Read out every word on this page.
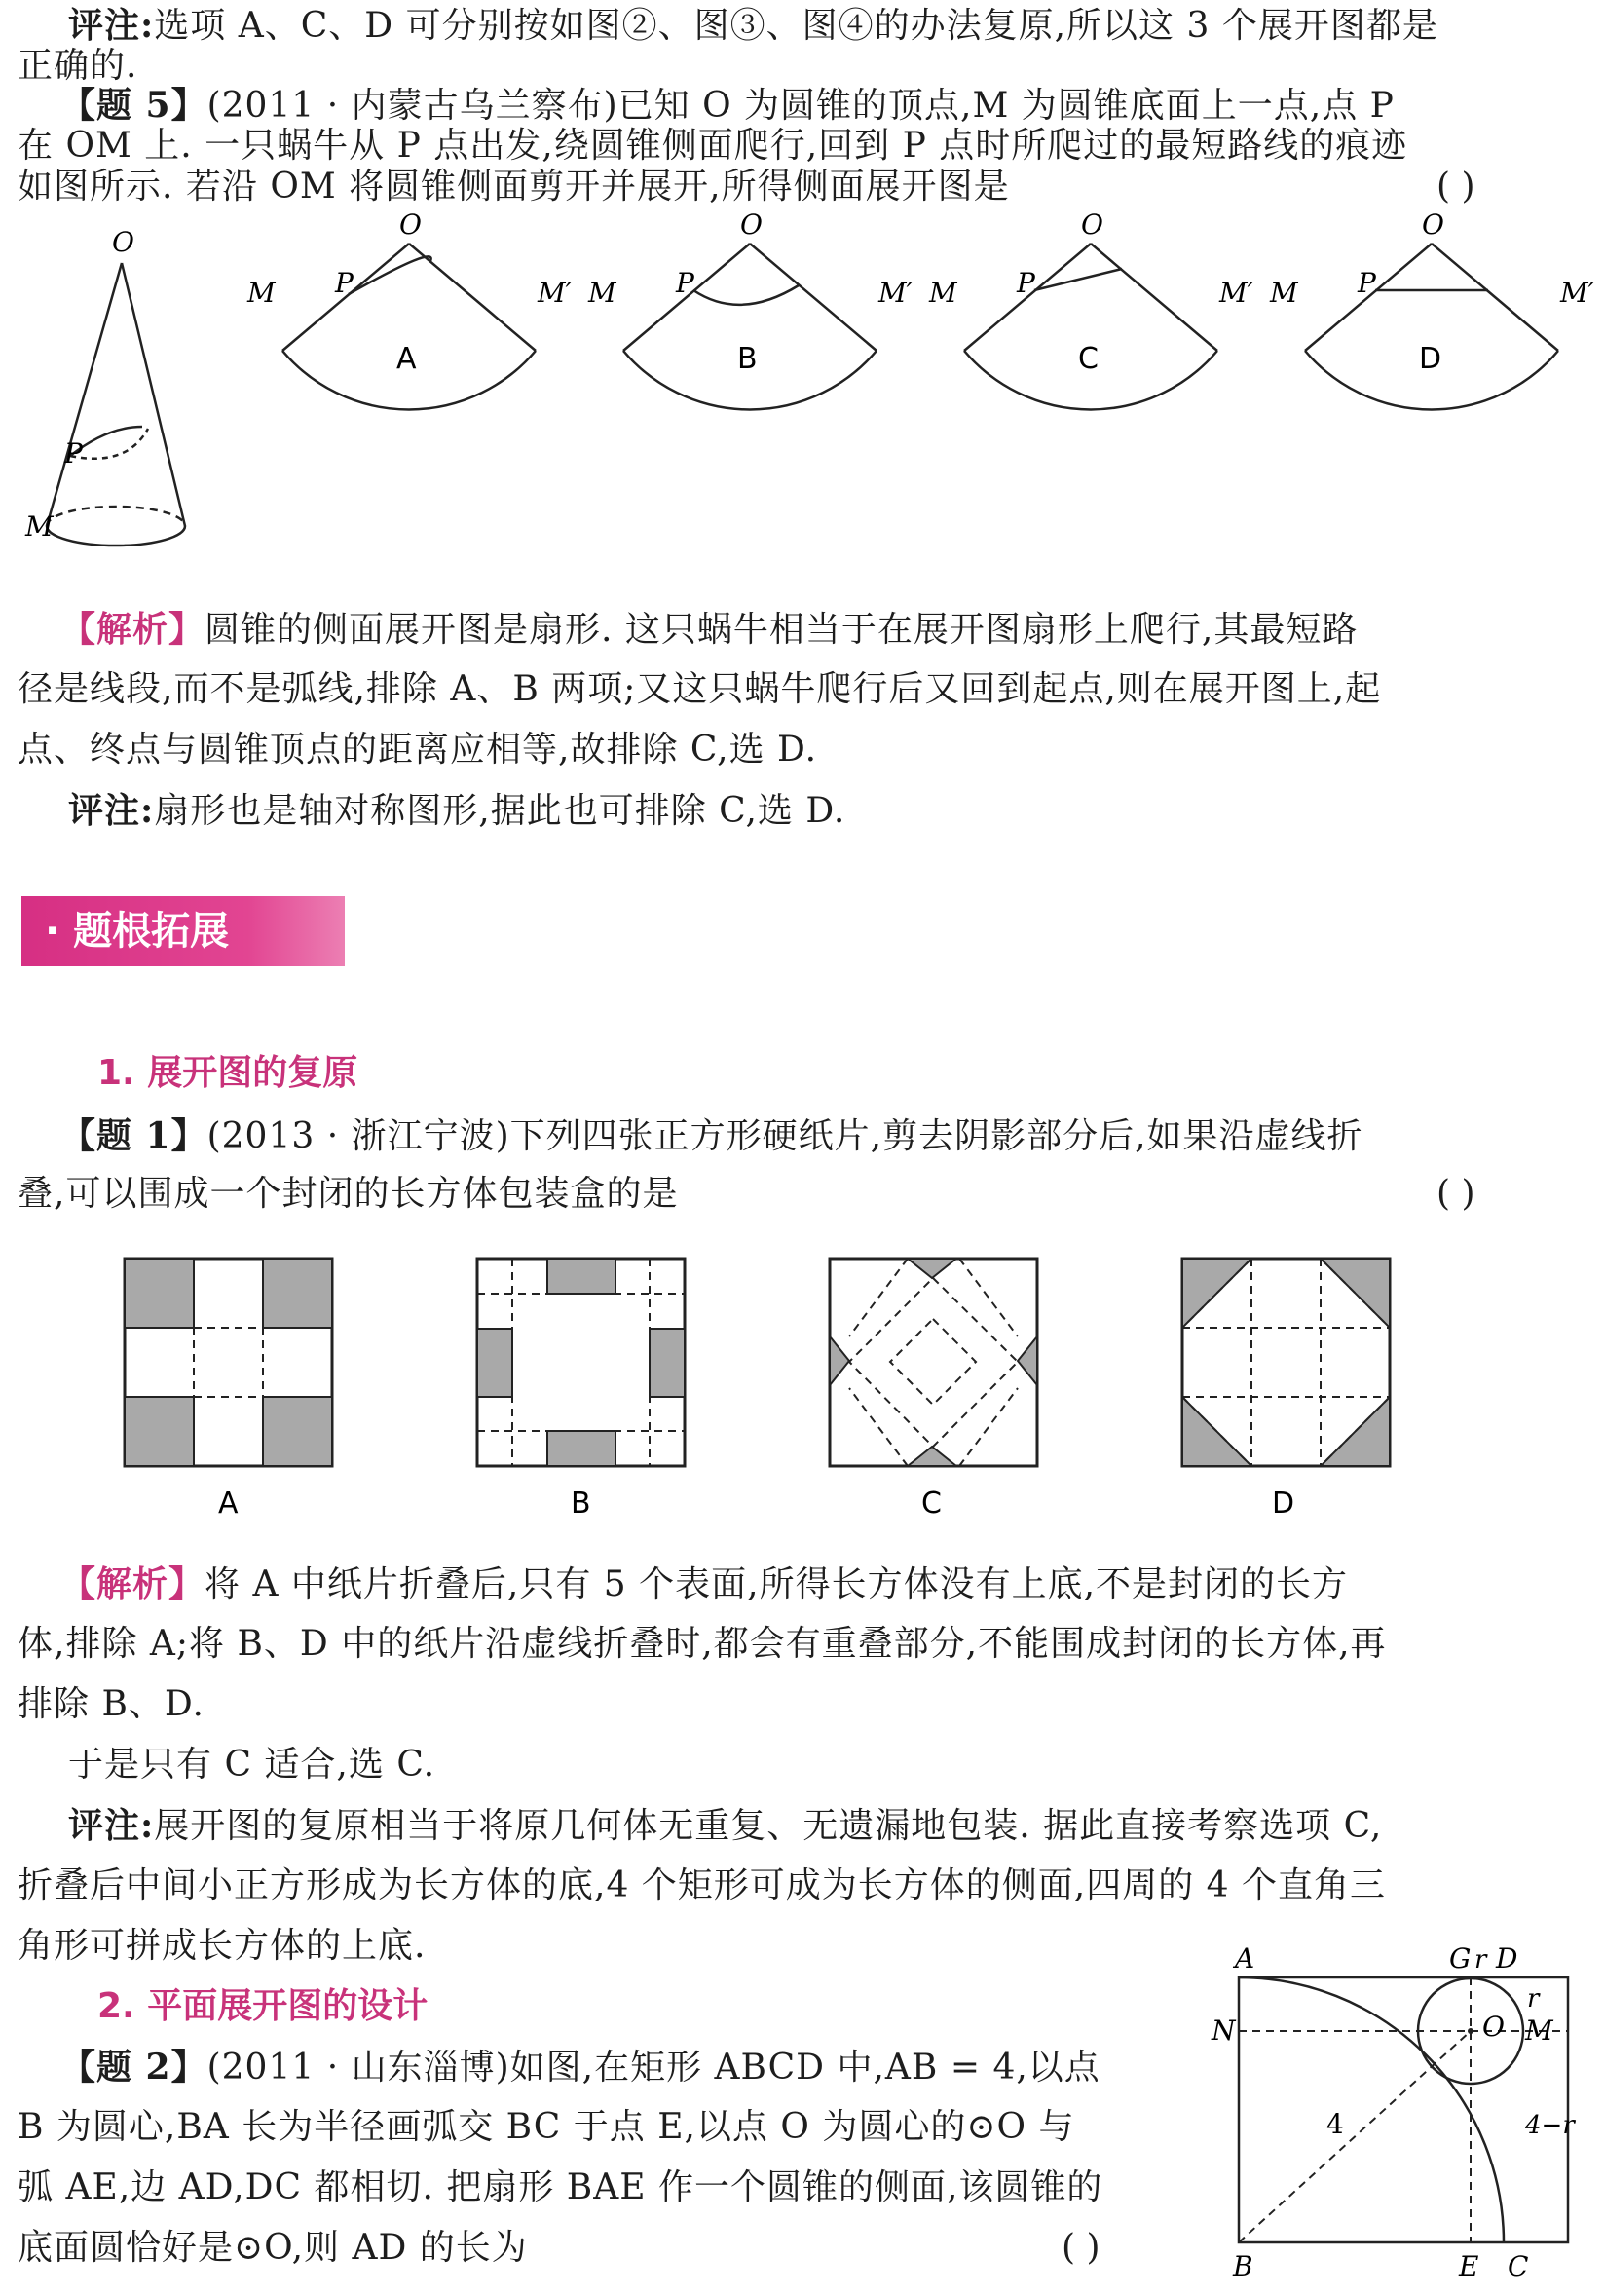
评注:选项 A、C、D 可分别按如图②、图③、图④的办法复原,所以这 3 个展开图都是
正确的.
【题 5】(2011 · 内蒙古乌兰察布)已知 O 为圆锥的顶点,M 为圆锥底面上一点,点 P
在 OM 上. 一只蜗牛从 P 点出发,绕圆锥侧面爬行,回到 P 点时所爬过的最短路线的痕迹
如图所示. 若沿 OM 将圆锥侧面剪开并展开,所得侧面展开图是	( )
O
P
M
O
P
M	M′
A
O
P
M	M′
B
O
P
M	M′
C
O
P
M	M′
D
【解析】圆锥的侧面展开图是扇形. 这只蜗牛相当于在展开图扇形上爬行,其最短路
径是线段,而不是弧线,排除 A、B 两项;又这只蜗牛爬行后又回到起点,则在展开图上,起
点、终点与圆锥顶点的距离应相等,故排除 C,选 D.
评注:扇形也是轴对称图形,据此也可排除 C,选 D.
· 题根拓展
1. 展开图的复原
【题 1】(2013 · 浙江宁波)下列四张正方形硬纸片,剪去阴影部分后,如果沿虚线折
叠,可以围成一个封闭的长方体包装盒的是	( )
A	B	C	D
【解析】将 A 中纸片折叠后,只有 5 个表面,所得长方体没有上底,不是封闭的长方
体,排除 A;将 B、D 中的纸片沿虚线折叠时,都会有重叠部分,不能围成封闭的长方体,再
排除 B、D.
于是只有 C 适合,选 C.
评注:展开图的复原相当于将原几何体无重复、无遗漏地包装. 据此直接考察选项 C,
折叠后中间小正方形成为长方体的底,4 个矩形可成为长方体的侧面,四周的 4 个直角三
角形可拼成长方体的上底.
2. 平面展开图的设计
【题 2】(2011 · 山东淄博)如图,在矩形 ABCD 中,AB = 4,以点
B 为圆心,BA 长为半径画弧交 BC 于点 E,以点 O 为圆心的⊙O 与
弧 AE,边 AD,DC 都相切. 把扇形 BAE 作一个圆锥的侧面,该圆锥的
底面圆恰好是⊙O,则 AD 的长为	( )
A	G r D
N	O M
r
4	4−r
B	E C
